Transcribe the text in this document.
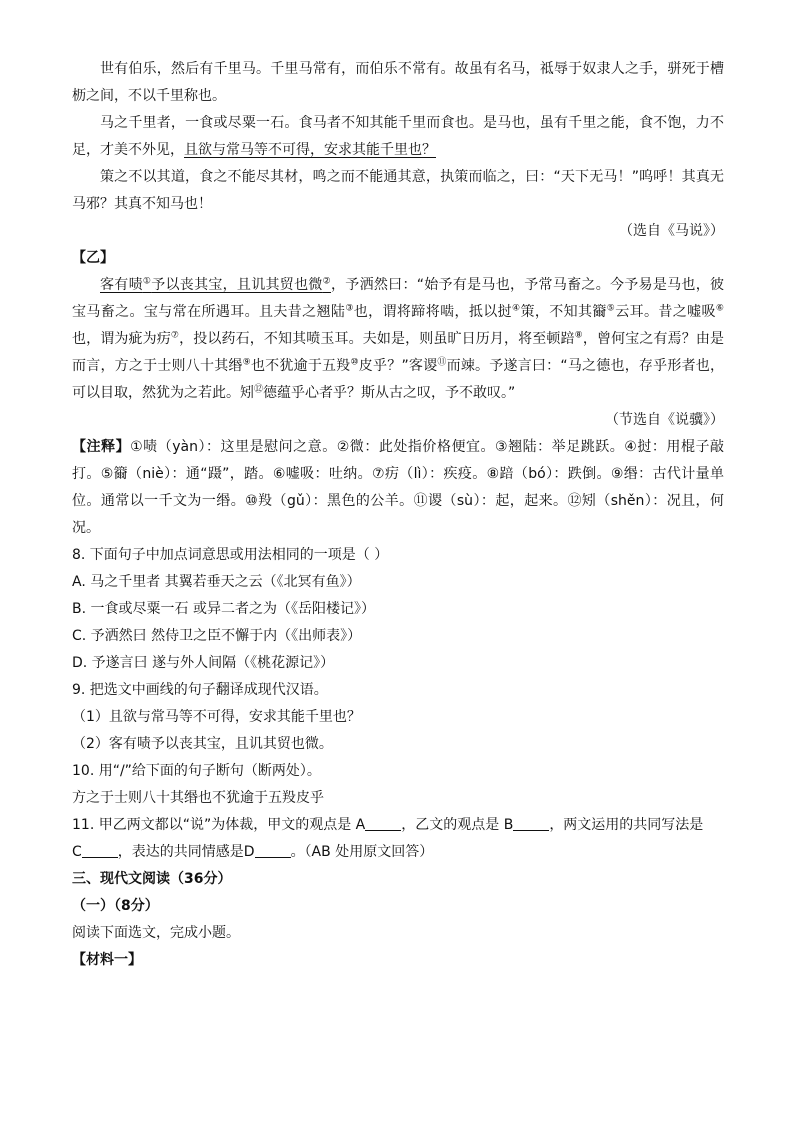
世有伯乐，然后有千里马。千里马常有，而伯乐不常有。故虽有名马，祗辱于奴隶人之手，骈死于槽枥之间，不以千里称也。

马之千里者，一食或尽粟一石。食马者不知其能千里而食也。是马也，虽有千里之能，食不饱，力不足，才美不外见，且欲与常马等不可得，安求其能千里也？

策之不以其道，食之不能尽其材，鸣之而不能通其意，执策而临之，曰：“天下无马！”呜呼！其真无马邪？其真不知马也！

（选自《马说》）

【乙】

客有啧①予以丧其宝，且讥其贸也微②，予洒然曰：“始予有是马也，予常马畜之。今予易是马也，彼宝马畜之。宝与常在所遇耳。且夫昔之翘陆③也，谓将蹄将啮，抵以挝④策，不知其籋⑤云耳。昔之嘘吸⑥也，谓为疵为疠⑦，投以药石，不知其喷玉耳。夫如是，则虽旷日历月，将至顿踣⑧，曾何宝之有焉？由是而言，方之于士则八十其缗⑨也不犹逾于五羖⑩皮乎？”客谡⑪而竦。予遂言曰：“马之德也，存乎形者也，可以目取，然犹为之若此。矧⑫德蕴乎心者乎？斯从古之叹，予不敢叹。”

（节选自《说骥》）

【注释】①啧（yàn）：这里是慰问之意。②微：此处指价格便宜。③翘陆：举足跳跃。④挝：用棍子敲打。⑤籋（niè）：通“蹑”，踏。⑥嘘吸：吐纳。⑦疠（lì）：疾疫。⑧踣（bó）：跌倒。⑨缗：古代计量单位。通常以一千文为一缗。⑩羖（gǔ）：黑色的公羊。⑪谡（sù）：起，起来。⑫矧（shěn）：况且，何况。

8. 下面句子中加点词意思或用法相同的一项是（ ）

A. 马之千里者 其翼若垂天之云（《北冥有鱼》）

B. 一食或尽粟一石 或异二者之为（《岳阳楼记》）

C. 予洒然曰 然侍卫之臣不懈于内（《出师表》）

D. 予遂言曰 遂与外人间隔（《桃花源记》）

9. 把选文中画线的句子翻译成现代汉语。

（1）且欲与常马等不可得，安求其能千里也？

（2）客有啧予以丧其宝，且讥其贸也微。

10. 用“/”给下面的句子断句（断两处）。

方之于士则八十其缗也不犹逾于五羖皮乎

11. 甲乙两文都以“说”为体裁，甲文的观点是 A	，乙文的观点是 B	，两文运用的共同写法是
C	，表达的共同情感是D	。（AB 处用原文回答）

三、现代文阅读（36分）

（一）（8分）

阅读下面选文，完成小题。

【材料一】
